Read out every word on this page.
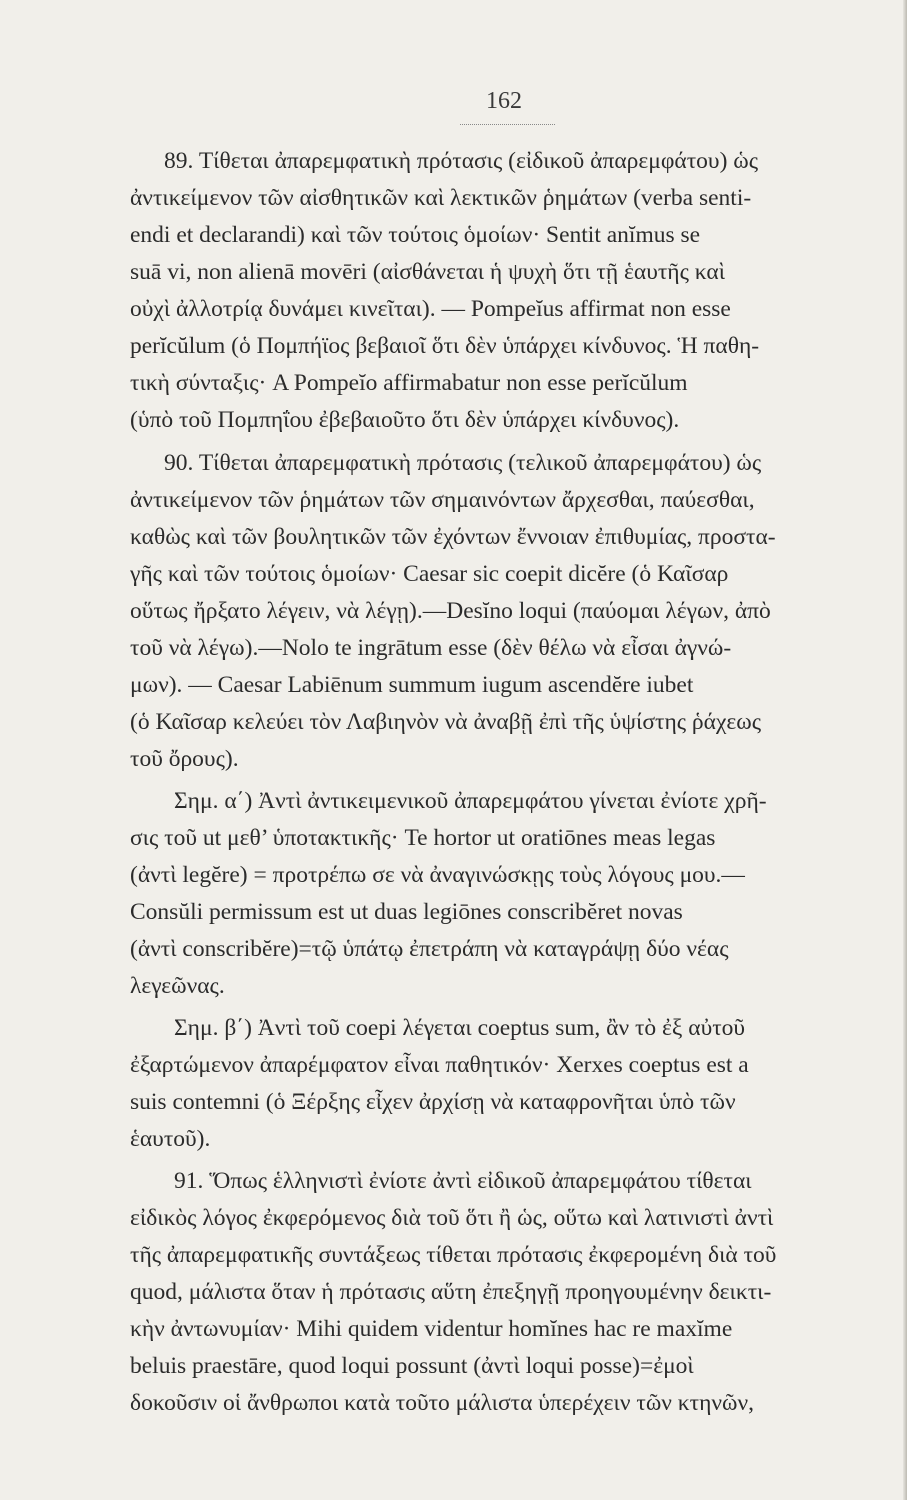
162
89. Τίθεται ἀπαρεμφατικὴ πρότασις (εἰδικοῦ ἀπαρεμφάτου) ὡς
ἀντικείμενον τῶν αἰσθητικῶν καὶ λεκτικῶν ῥημάτων (verba senti-
endi et declarandi) καὶ τῶν τούτοις ὁμοίων· Sentit anĭmus se
suā vi, non alienā movēri (αἰσθάνεται ἡ ψυχὴ ὅτι τῇ ἑαυτῆς καὶ
οὐχὶ ἀλλοτρίᾳ δυνάμει κινεῖται). — Pompeĭus affirmat non esse
perĭcŭlum (ὁ Πομπήϊος βεβαιοῖ ὅτι δὲν ὑπάρχει κίνδυνος. Ἡ παθη-
τικὴ σύνταξις· A Pompeĭo affirmabatur non esse perĭcŭlum
(ὑπὸ τοῦ Πομπηΐου ἐβεβαιοῦτο ὅτι δὲν ὑπάρχει κίνδυνος).
90. Τίθεται ἀπαρεμφατικὴ πρότασις (τελικοῦ ἀπαρεμφάτου) ὡς
ἀντικείμενον τῶν ῥημάτων τῶν σημαινόντων ἄρχεσθαι, παύεσθαι,
καθὼς καὶ τῶν βουλητικῶν τῶν ἐχόντων ἔννοιαν ἐπιθυμίας, προστα-
γῆς καὶ τῶν τούτοις ὁμοίων· Caesar sic coepit dicĕre (ὁ Καῖσαρ
οὕτως ἤρξατο λέγειν, νὰ λέγῃ).—Desĭno loqui (παύομαι λέγων, ἀπὸ
τοῦ νὰ λέγω).—Nolo te ingrātum esse (δὲν θέλω νὰ εἶσαι ἀγνώ-
μων). — Caesar Labiēnum summum iugum ascendĕre iubet
(ὁ Καῖσαρ κελεύει τὸν Λαβιηνὸν νὰ ἀναβῇ ἐπὶ τῆς ὑψίστης ῥάχεως
τοῦ ὄρους).
Σημ. α΄) Ἀντὶ ἀντικειμενικοῦ ἀπαρεμφάτου γίνεται ἐνίοτε χρῆ-
σις τοῦ ut μεθ’ ὑποτακτικῆς· Te hortor ut oratiōnes meas legas
(ἀντὶ legĕre) = προτρέπω σε νὰ ἀναγινώσκῃς τοὺς λόγους μου.—
Consŭli permissum est ut duas legiōnes conscribĕret novas
(ἀντὶ conscribĕre)=τῷ ὑπάτῳ ἐπετράπη νὰ καταγράψῃ δύο νέας
λεγεῶνας.
Σημ. β΄) Ἀντὶ τοῦ coepi λέγεται coeptus sum, ἂν τὸ ἐξ αὐτοῦ
ἐξαρτώμενον ἀπαρέμφατον εἶναι παθητικόν· Xerxes coeptus est a
suis contemni (ὁ Ξέρξης εἶχεν ἀρχίσῃ νὰ καταφρονῆται ὑπὸ τῶν
ἑαυτοῦ).
91. Ὅπως ἑλληνιστὶ ἐνίοτε ἀντὶ εἰδικοῦ ἀπαρεμφάτου τίθεται
εἰδικὸς λόγος ἐκφερόμενος διὰ τοῦ ὅτι ἢ ὡς, οὕτω καὶ λατινιστὶ ἀντὶ
τῆς ἀπαρεμφατικῆς συντάξεως τίθεται πρότασις ἐκφερομένη διὰ τοῦ
quod, μάλιστα ὅταν ἡ πρότασις αὕτη ἐπεξηγῇ προηγουμένην δεικτι-
κὴν ἀντωνυμίαν· Mihi quidem videntur homĭnes hac re maxĭme
beluis praestāre, quod loqui possunt (ἀντὶ loqui posse)=ἐμοὶ
δοκοῦσιν οἱ ἄνθρωποι κατὰ τοῦτο μάλιστα ὑπερέχειν τῶν κτηνῶν,
